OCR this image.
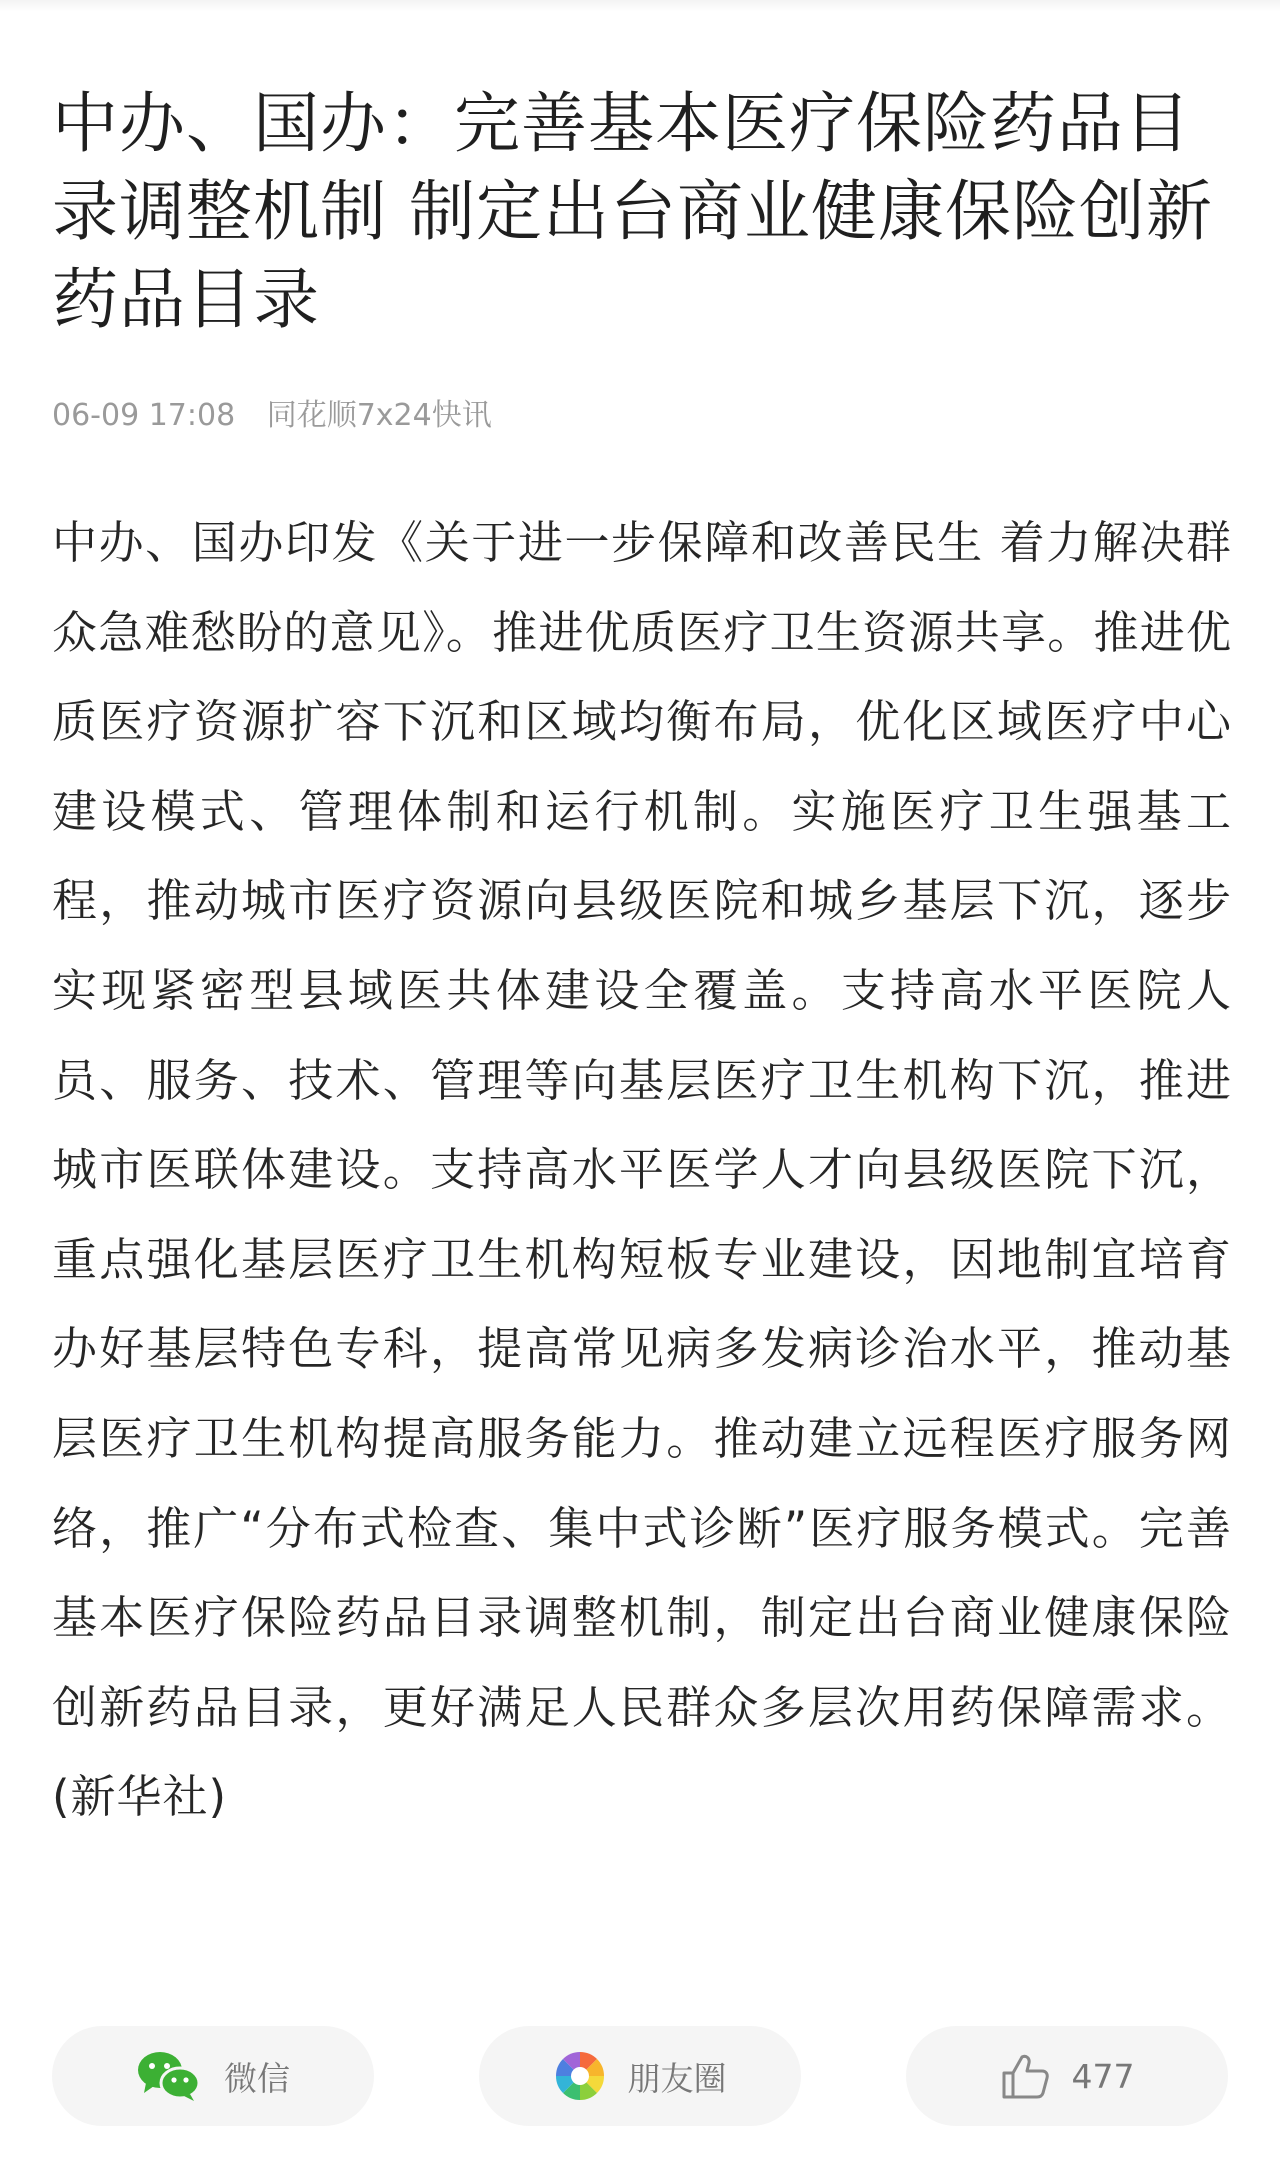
中办、国办：完善基本医疗保险药品目录调整机制 制定出台商业健康保险创新药品目录
06-09 17:08 同花顺7x24快讯
中办、国办印发《关于进一步保障和改善民生 着力解决群众急难愁盼的意见》。推进优质医疗卫生资源共享。推进优质医疗资源扩容下沉和区域均衡布局，优化区域医疗中心建设模式、管理体制和运行机制。实施医疗卫生强基工程，推动城市医疗资源向县级医院和城乡基层下沉，逐步实现紧密型县域医共体建设全覆盖。支持高水平医院人员、服务、技术、管理等向基层医疗卫生机构下沉，推进城市医联体建设。支持高水平医学人才向县级医院下沉，重点强化基层医疗卫生机构短板专业建设，因地制宜培育办好基层特色专科，提高常见病多发病诊治水平，推动基层医疗卫生机构提高服务能力。推动建立远程医疗服务网络，推广“分布式检查、集中式诊断”医疗服务模式。完善基本医疗保险药品目录调整机制，制定出台商业健康保险创新药品目录，更好满足人民群众多层次用药保障需求。(新华社)
微信	朋友圈	477
